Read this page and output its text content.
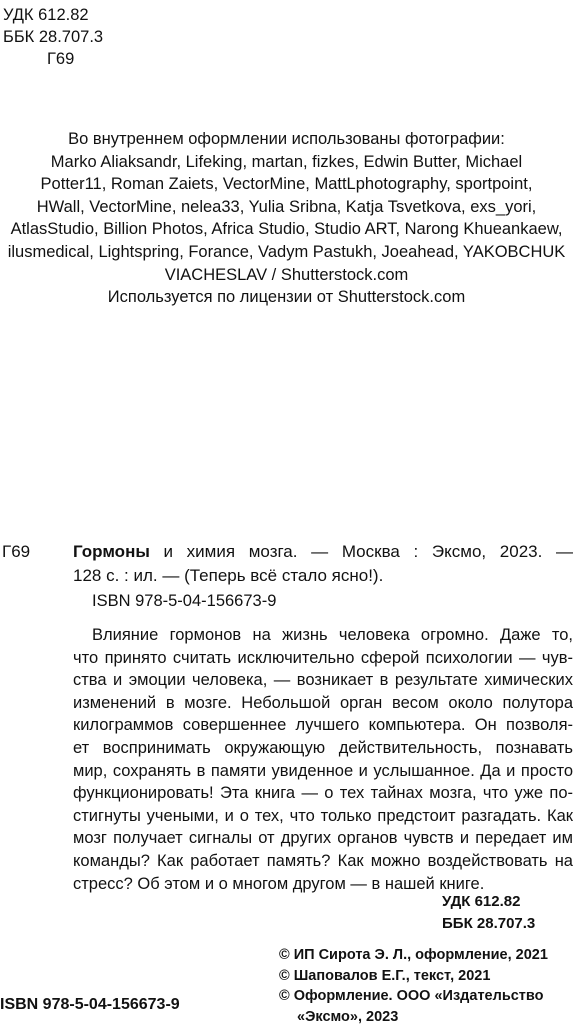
УДК 612.82
ББК 28.707.3
Г69
Во внутреннем оформлении использованы фотографии:
Marko Aliaksandr, Lifeking, martan, fizkes, Edwin Butter, Michael
Potter11, Roman Zaiets, VectorMine, MattLphotography, sportpoint,
HWall, VectorMine, nelea33, Yulia Sribna, Katja Tsvetkova, exs_yori,
AtlasStudio, Billion Photos, Africa Studio, Studio ART, Narong Khueankaew,
ilusmedical, Lightspring, Forance, Vadym Pastukh, Joeahead, YAKOBCHUK
VIACHESLAV / Shutterstock.com
Используется по лицензии от Shutterstock.com
Г69	Гормоны и химия мозга. — Москва : Эксмо, 2023. —
128 с. : ил. — (Теперь всё стало ясно!).
ISBN 978-5-04-156673-9
Влияние гормонов на жизнь человека огромно. Даже то,
что принято считать исключительно сферой психологии — чув-
ства и эмоции человека, — возникает в результате химических
изменений в мозге. Небольшой орган весом около полутора
килограммов совершеннее лучшего компьютера. Он позволя-
ет воспринимать окружающую действительность, познавать
мир, сохранять в памяти увиденное и услышанное. Да и просто
функционировать! Эта книга — о тех тайнах мозга, что уже по-
стигнуты учеными, и о тех, что только предстоит разгадать. Как
мозг получает сигналы от других органов чувств и передает им
команды? Как работает память? Как можно воздействовать на
стресс? Об этом и о многом другом — в нашей книге.
УДК 612.82
ББК 28.707.3
© ИП Сирота Э. Л., оформление, 2021
© Шаповалов Е.Г., текст, 2021
© Оформление. ООО «Издательство
«Эксмо», 2023
ISBN 978-5-04-156673-9
